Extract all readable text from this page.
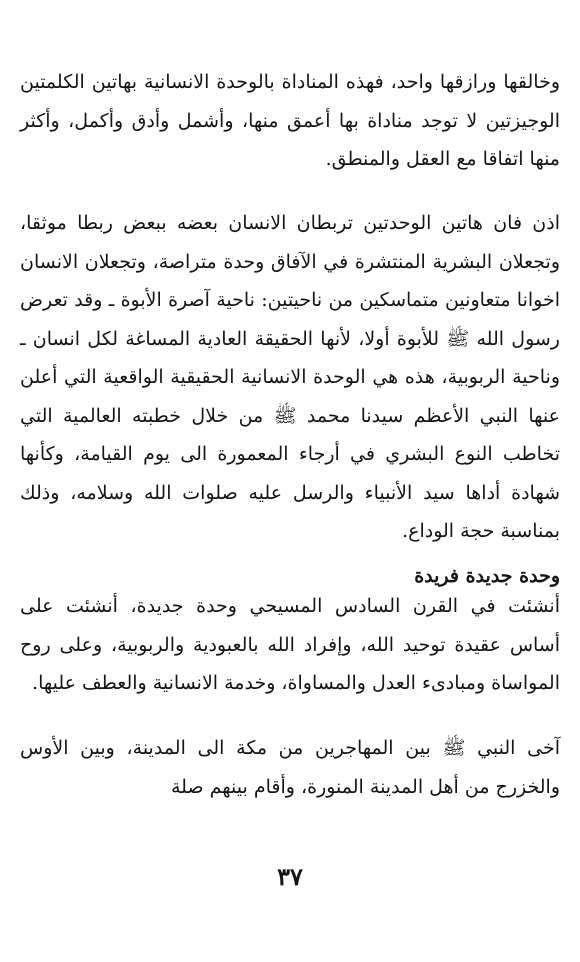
وخالقها ورازقها واحد، فهذه المناداة بالوحدة الانسانية بهاتين الكلمتين الوجيزتين لا توجد مناداة بها أعمق منها، وأشمل وأدق وأكمل، وأكثر منها اتفاقا مع العقل والمنطق.

اذن فان هاتين الوحدتين تربطان الانسان بعضه ببعض ربطا موثقا، وتجعلان البشرية المنتشرة في الآفاق وحدة متراصة، وتجعلان الانسان اخوانا متعاونين متماسكين من ناحيتين: ناحية آصرة الأبوة ـ وقد تعرض رسول الله ﷺ للأبوة أولا، لأنها الحقيقة العادية المساغة لكل انسان ـ وناحية الربوبية، هذه هي الوحدة الانسانية الحقيقية الواقعية التي أعلن عنها النبي الأعظم سيدنا محمد ﷺ من خلال خطبته العالمية التي تخاطب النوع البشري في أرجاء المعمورة الى يوم القيامة، وكأنها شهادة أداها سيد الأنبياء والرسل عليه صلوات الله وسلامه، وذلك بمناسبة حجة الوداع.

وحدة جديدة فريدة

أنشئت في القرن السادس المسيحي وحدة جديدة، أنشئت على أساس عقيدة توحيد الله، وإفراد الله بالعبودية والربوبية، وعلى روح المواساة ومبادىء العدل والمساواة، وخدمة الانسانية والعطف عليها.

آخى النبي ﷺ بين المهاجرين من مكة الى المدينة، وبين الأوس والخزرج من أهل المدينة المنورة، وأقام بينهم صلة

٣٧
